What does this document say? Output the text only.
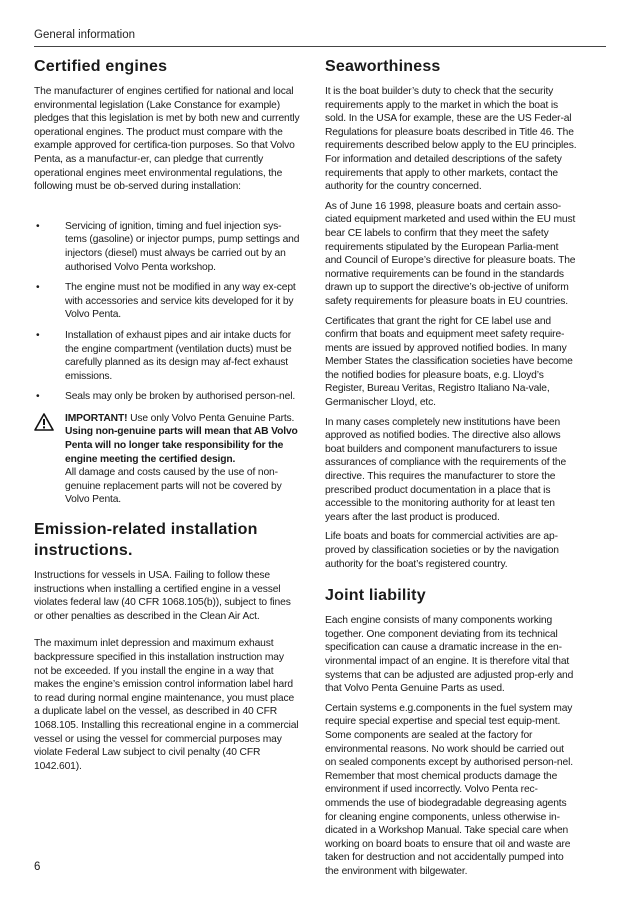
General information
Certified engines

The manufacturer of engines certified for national and local environmental legislation (Lake Constance for example) pledges that this legislation is met by both new and currently operational engines. The product must compare with the example approved for certifica-tion purposes. So that Volvo Penta, as a manufactur-er, can pledge that currently operational engines meet environmental regulations, the following must be ob-served during installation:

• Servicing of ignition, timing and fuel injection sys-tems (gasoline) or injector pumps, pump settings and injectors (diesel) must always be carried out by an authorised Volvo Penta workshop.
• The engine must not be modified in any way ex-cept with accessories and service kits developed for it by Volvo Penta.
• Installation of exhaust pipes and air intake ducts for the engine compartment (ventilation ducts) must be carefully planned as its design may af-fect exhaust emissions.
• Seals may only be broken by authorised person-nel.

IMPORTANT! Use only Volvo Penta Genuine Parts.

Using non-genuine parts will mean that AB Volvo Penta will no longer take responsibility for the engine meeting the certified design.

All damage and costs caused by the use of non-genuine replacement parts will not be covered by Volvo Penta.

Emission-related installation instructions.

Instructions for vessels in USA. Failing to follow these instructions when installing a certified engine in a vessel violates federal law (40 CFR 1068.105(b)), subject to fines or other penalties as described in the Clean Air Act.

The maximum inlet depression and maximum exhaust backpressure specified in this installation instruction may not be exceeded. If you install the engine in a way that makes the engine’s emission control information label hard to read during normal engine maintenance, you must place a duplicate label on the vessel, as described in 40 CFR 1068.105. Installing this recreational engine in a commercial vessel or using the vessel for commercial purposes may violate Federal Law subject to civil penalty (40 CFR 1042.601).

Seaworthiness

It is the boat builder’s duty to check that the security requirements apply to the market in which the boat is sold. In the USA for example, these are the US Feder-al Regulations for pleasure boats described in Title 46. The requirements described below apply to the EU principles. For information and detailed descriptions of the safety requirements that apply to other markets, contact the authority for the country concerned.

As of June 16 1998, pleasure boats and certain asso-ciated equipment marketed and used within the EU must bear CE labels to confirm that they meet the safety requirements stipulated by the European Parlia-ment and Council of Europe’s directive for pleasure boats. The normative requirements can be found in the standards drawn up to support the directive’s ob-jective of uniform safety requirements for pleasure boats in EU countries.

Certificates that grant the right for CE label use and confirm that boats and equipment meet safety require-ments are issued by approved notified bodies. In many Member States the classification societies have become the notified bodies for pleasure boats, e.g. Lloyd’s Register, Bureau Veritas, Registro Italiano Na-vale, Germanischer Lloyd, etc.

In many cases completely new institutions have been approved as notified bodies. The directive also allows boat builders and component manufacturers to issue assurances of compliance with the requirements of the directive. This requires the manufacturer to store the prescribed product documentation in a place that is accessible to the monitoring authority for at least ten years after the last product is produced.

Life boats and boats for commercial activities are ap-proved by classification societies or by the navigation authority for the boat’s registered country.

Joint liability

Each engine consists of many components working together. One component deviating from its technical specification can cause a dramatic increase in the en-vironmental impact of an engine. It is therefore vital that systems that can be adjusted are adjusted prop-erly and that Volvo Penta Genuine Parts as used.

Certain systems e.g.components in the fuel system may require special expertise and special test equip-ment. Some components are sealed at the factory for environmental reasons. No work should be carried out on sealed components except by authorised person-nel. Remember that most chemical products damage the environment if used incorrectly. Volvo Penta rec-ommends the use of biodegradable degreasing agents for cleaning engine components, unless otherwise in-dicated in a Workshop Manual. Take special care when working on board boats to ensure that oil and waste are taken for destruction and not accidentally pumped into the environment with bilgewater.

6
